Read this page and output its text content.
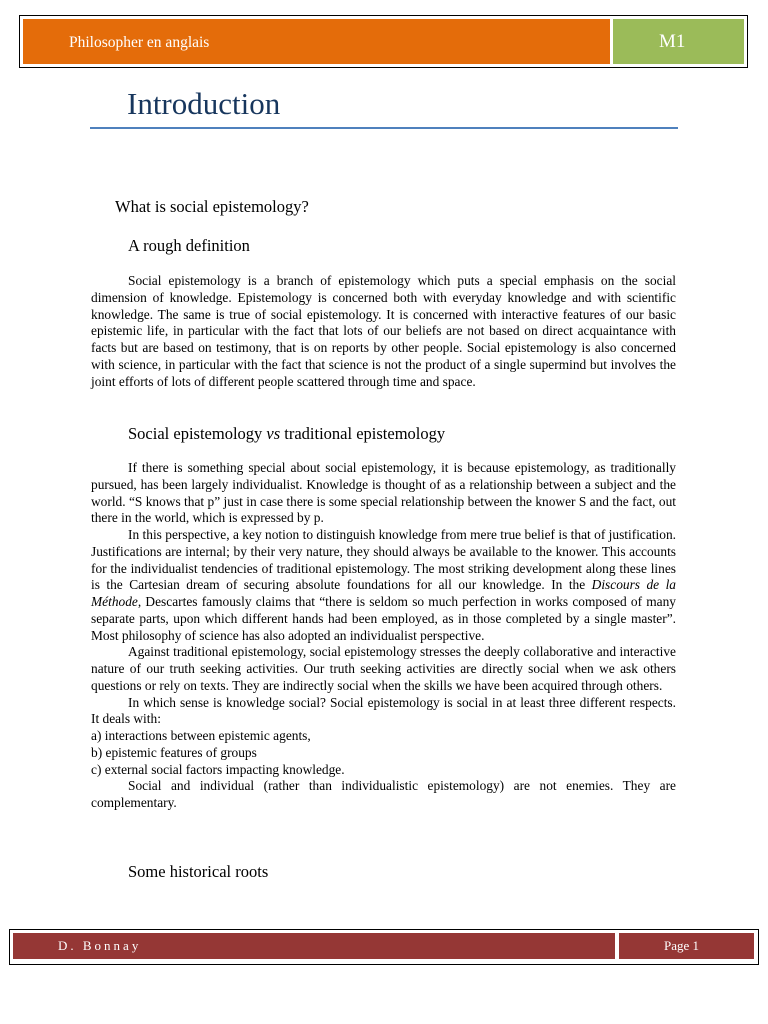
Philosopher en anglais	M1
Introduction
What is social epistemology?
A rough definition

Social epistemology is a branch of epistemology which puts a special emphasis on the social dimension of knowledge. Epistemology is concerned both with everyday knowledge and with scientific knowledge. The same is true of social epistemology. It is concerned with interactive features of our basic epistemic life, in particular with the fact that lots of our beliefs are not based on direct acquaintance with facts but are based on testimony, that is on reports by other people. Social epistemology is also concerned with science, in particular with the fact that science is not the product of a single supermind but involves the joint efforts of lots of different people scattered through time and space.

Social epistemology vs traditional epistemology

If there is something special about social epistemology, it is because epistemology, as traditionally pursued, has been largely individualist. Knowledge is thought of as a relationship between a subject and the world. “S knows that p” just in case there is some special relationship between the knower S and the fact, out there in the world, which is expressed by p.

In this perspective, a key notion to distinguish knowledge from mere true belief is that of justification. Justifications are internal; by their very nature, they should always be available to the knower. This accounts for the individualist tendencies of traditional epistemology. The most striking development along these lines is the Cartesian dream of securing absolute foundations for all our knowledge. In the Discours de la Méthode, Descartes famously claims that “there is seldom so much perfection in works composed of many separate parts, upon which different hands had been employed, as in those completed by a single master”. Most philosophy of science has also adopted an individualist perspective.

Against traditional epistemology, social epistemology stresses the deeply collaborative and interactive nature of our truth seeking activities. Our truth seeking activities are directly social when we ask others questions or rely on texts. They are indirectly social when the skills we have been acquired through others.

In which sense is knowledge social? Social epistemology is social in at least three different respects. It deals with:

a) interactions between epistemic agents,

b) epistemic features of groups

c) external social factors impacting knowledge.

Social and individual (rather than individualistic epistemology) are not enemies. They are complementary.

Some historical roots
D. Bonnay	Page 1
